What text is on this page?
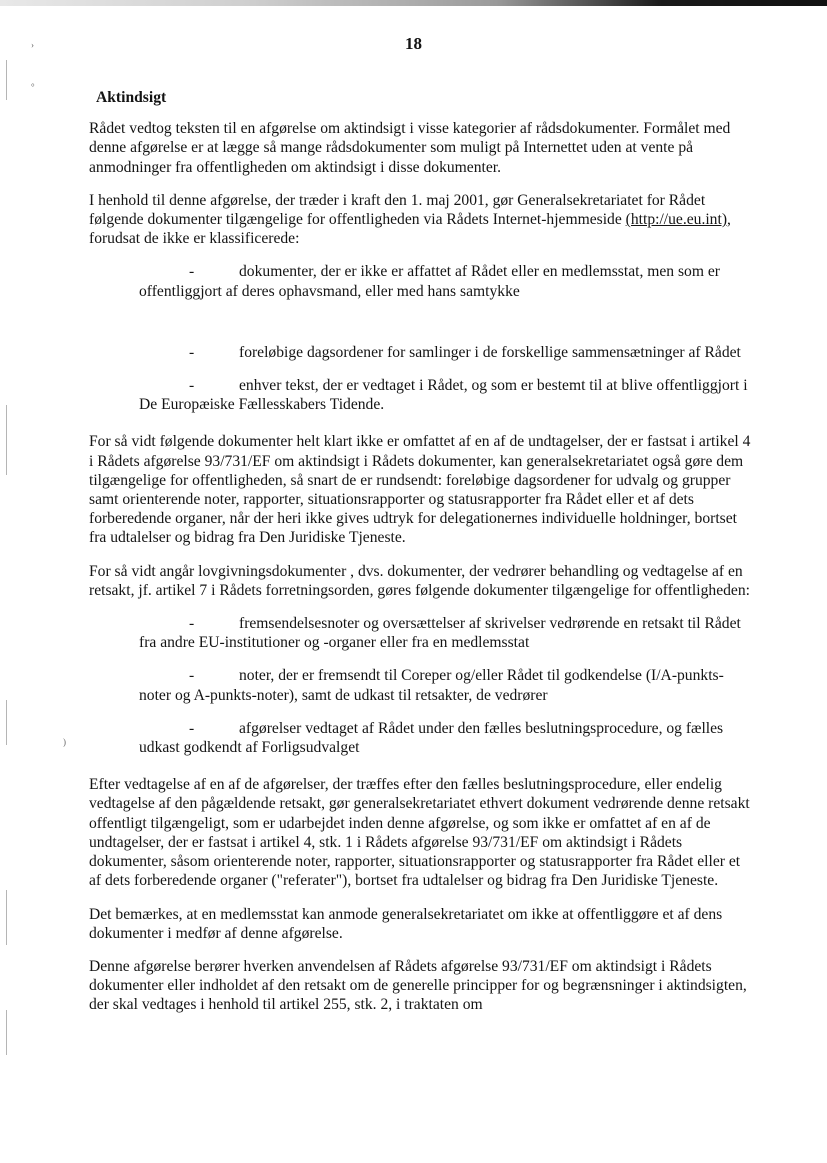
›
°
)
18
Aktindsigt

Rådet vedtog teksten til en afgørelse om aktindsigt i visse kategorier af rådsdokumenter. Formålet med denne afgørelse er at lægge så mange rådsdokumenter som muligt på Internettet uden at vente på anmodninger fra offentligheden om aktindsigt i disse dokumenter.

I henhold til denne afgørelse, der træder i kraft den 1. maj 2001, gør Generalsekretariatet for Rådet følgende dokumenter tilgængelige for offentligheden via Rådets Internet-hjemmeside (http://ue.eu.int), forudsat de ikke er klassificerede:

-	dokumenter, der er ikke er affattet af Rådet eller en medlemsstat, men som er offentliggjort af deres ophavsmand, eller med hans samtykke
-	foreløbige dagsordener for samlinger i de forskellige sammensætninger af Rådet
-	enhver tekst, der er vedtaget i Rådet, og som er bestemt til at blive offentliggjort i De Europæiske Fællesskabers Tidende.

For så vidt følgende dokumenter helt klart ikke er omfattet af en af de undtagelser, der er fastsat i artikel 4 i Rådets afgørelse 93/731/EF om aktindsigt i Rådets dokumenter, kan generalsekretariatet også gøre dem tilgængelige for offentligheden, så snart de er rundsendt: foreløbige dagsordener for udvalg og grupper samt orienterende noter, rapporter, situationsrapporter og statusrapporter fra Rådet eller et af dets forberedende organer, når der heri ikke gives udtryk for delegationernes individuelle holdninger, bortset fra udtalelser og bidrag fra Den Juridiske Tjeneste.

For så vidt angår lovgivningsdokumenter , dvs. dokumenter, der vedrører behandling og vedtagelse af en retsakt, jf. artikel 7 i Rådets forretningsorden, gøres følgende dokumenter tilgængelige for offentligheden:

-	fremsendelsesnoter og oversættelser af skrivelser vedrørende en retsakt til Rådet fra andre EU-institutioner og -organer eller fra en medlemsstat
-	noter, der er fremsendt til Coreper og/eller Rådet til godkendelse (I/A-punkts-noter og A-punkts-noter), samt de udkast til retsakter, de vedrører
-	afgørelser vedtaget af Rådet under den fælles beslutningsprocedure, og fælles udkast godkendt af Forligsudvalget

Efter vedtagelse af en af de afgørelser, der træffes efter den fælles beslutningsprocedure, eller endelig vedtagelse af den pågældende retsakt, gør generalsekretariatet ethvert dokument vedrørende denne retsakt offentligt tilgængeligt, som er udarbejdet inden denne afgørelse, og som ikke er omfattet af en af de undtagelser, der er fastsat i artikel 4, stk. 1 i Rådets afgørelse 93/731/EF om aktindsigt i Rådets dokumenter, såsom orienterende noter, rapporter, situationsrapporter og statusrapporter fra Rådet eller et af dets forberedende organer ("referater"), bortset fra udtalelser og bidrag fra Den Juridiske Tjeneste.

Det bemærkes, at en medlemsstat kan anmode generalsekretariatet om ikke at offentliggøre et af dens dokumenter i medfør af denne afgørelse.

Denne afgørelse berører hverken anvendelsen af Rådets afgørelse 93/731/EF om aktindsigt i Rådets dokumenter eller indholdet af den retsakt om de generelle principper for og begrænsninger i aktindsigten, der skal vedtages i henhold til artikel 255, stk. 2, i traktaten om
